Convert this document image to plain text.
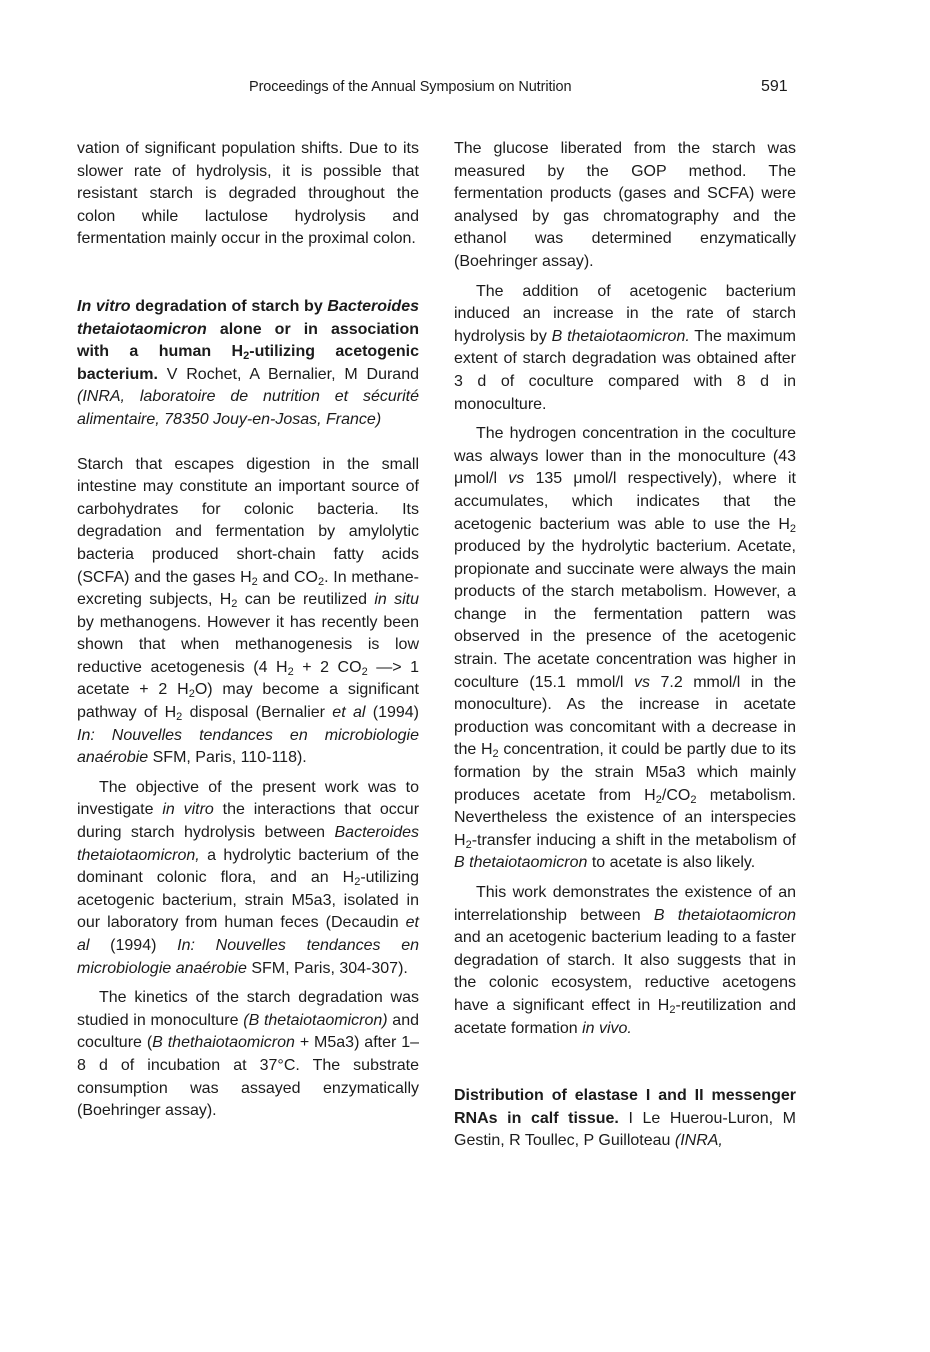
Proceedings of the Annual Symposium on Nutrition	591

vation of significant population shifts. Due to its slower rate of hydrolysis, it is possible that resistant starch is degraded throughout the colon while lactulose hydrolysis and fermentation mainly occur in the proximal colon.

In vitro degradation of starch by Bacteroides thetaiotaomicron alone or in association with a human $H_2$-utilizing acetogenic bacterium. V Rochet, A Bernalier, M Durand (INRA, laboratoire de nutrition et sécurité alimentaire, 78350 Jouy-en-Josas, France)

Starch that escapes digestion in the small intestine may constitute an important source of carbohydrates for colonic bacteria. Its degradation and fermentation by amylolytic bacteria produced short-chain fatty acids (SCFA) and the gases $H_2$ and $CO_2$. In methane-excreting subjects, $H_2$ can be reutilized in situ by methanogens. However it has recently been shown that when methanogenesis is low reductive acetogenesis (4 $H_2 + 2$ $CO_2$ —> 1 acetate + 2 $H_2O$) may become a significant pathway of $H_2$ disposal (Bernalier et al (1994) In: Nouvelles tendances en microbiologie anaérobie SFM, Paris, 110-118).

The objective of the present work was to investigate in vitro the interactions that occur during starch hydrolysis between Bacteroides thetaiotaomicron, a hydrolytic bacterium of the dominant colonic flora, and an $H_2$-utilizing acetogenic bacterium, strain M5a3, isolated in our laboratory from human feces (Decaudin et al (1994) In: Nouvelles tendances en microbiologie anaérobie SFM, Paris, 304-307).

The kinetics of the starch degradation was studied in monoculture (B thetaiotaomicron) and coculture (B thethaiotaomicron + M5a3) after 1–8 d of incubation at 37°C. The substrate consumption was assayed enzymatically (Boehringer assay).

The glucose liberated from the starch was measured by the GOP method. The fermentation products (gases and SCFA) were analysed by gas chromatography and the ethanol was determined enzymatically (Boehringer assay).

The addition of acetogenic bacterium induced an increase in the rate of starch hydrolysis by B thetaiotaomicron. The maximum extent of starch degradation was obtained after 3 d of coculture compared with 8 d in monoculture.

The hydrogen concentration in the coculture was always lower than in the monoculture (43 μmol/l vs 135 μmol/l respectively), where it accumulates, which indicates that the acetogenic bacterium was able to use the $H_2$ produced by the hydrolytic bacterium. Acetate, propionate and succinate were always the main products of the starch metabolism. However, a change in the fermentation pattern was observed in the presence of the acetogenic strain. The acetate concentration was higher in coculture (15.1 mmol/l vs 7.2 mmol/l in the monoculture). As the increase in acetate production was concomitant with a decrease in the $H_2$ concentration, it could be partly due to its formation by the strain M5a3 which mainly produces acetate from $H_2/CO_2$ metabolism. Nevertheless the existence of an interspecies $H_2$-transfer inducing a shift in the metabolism of B thetaiotaomicron to acetate is also likely.

This work demonstrates the existence of an interrelationship between B thetaiotaomicron and an acetogenic bacterium leading to a faster degradation of starch. It also suggests that in the colonic ecosystem, reductive acetogens have a significant effect in $H_2$-reutilization and acetate formation in vivo.

Distribution of elastase I and II messenger RNAs in calf tissue. I Le Huerou-Luron, M Gestin, R Toullec, P Guilloteau (INRA,
